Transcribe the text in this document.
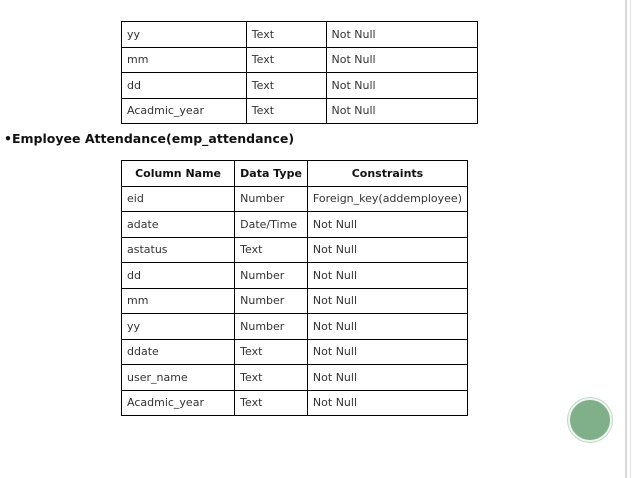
yy	Text	Not Null
mm	Text	Not Null
dd	Text	Not Null
Acadmic_year	Text	Not Null
•Employee Attendance(emp_attendance)
Column Name	Data Type	Constraints
eid	Number	Foreign_key(addemployee)
adate	Date/Time	Not Null
astatus	Text	Not Null
dd	Number	Not Null
mm	Number	Not Null
yy	Number	Not Null
ddate	Text	Not Null
user_name	Text	Not Null
Acadmic_year	Text	Not Null
